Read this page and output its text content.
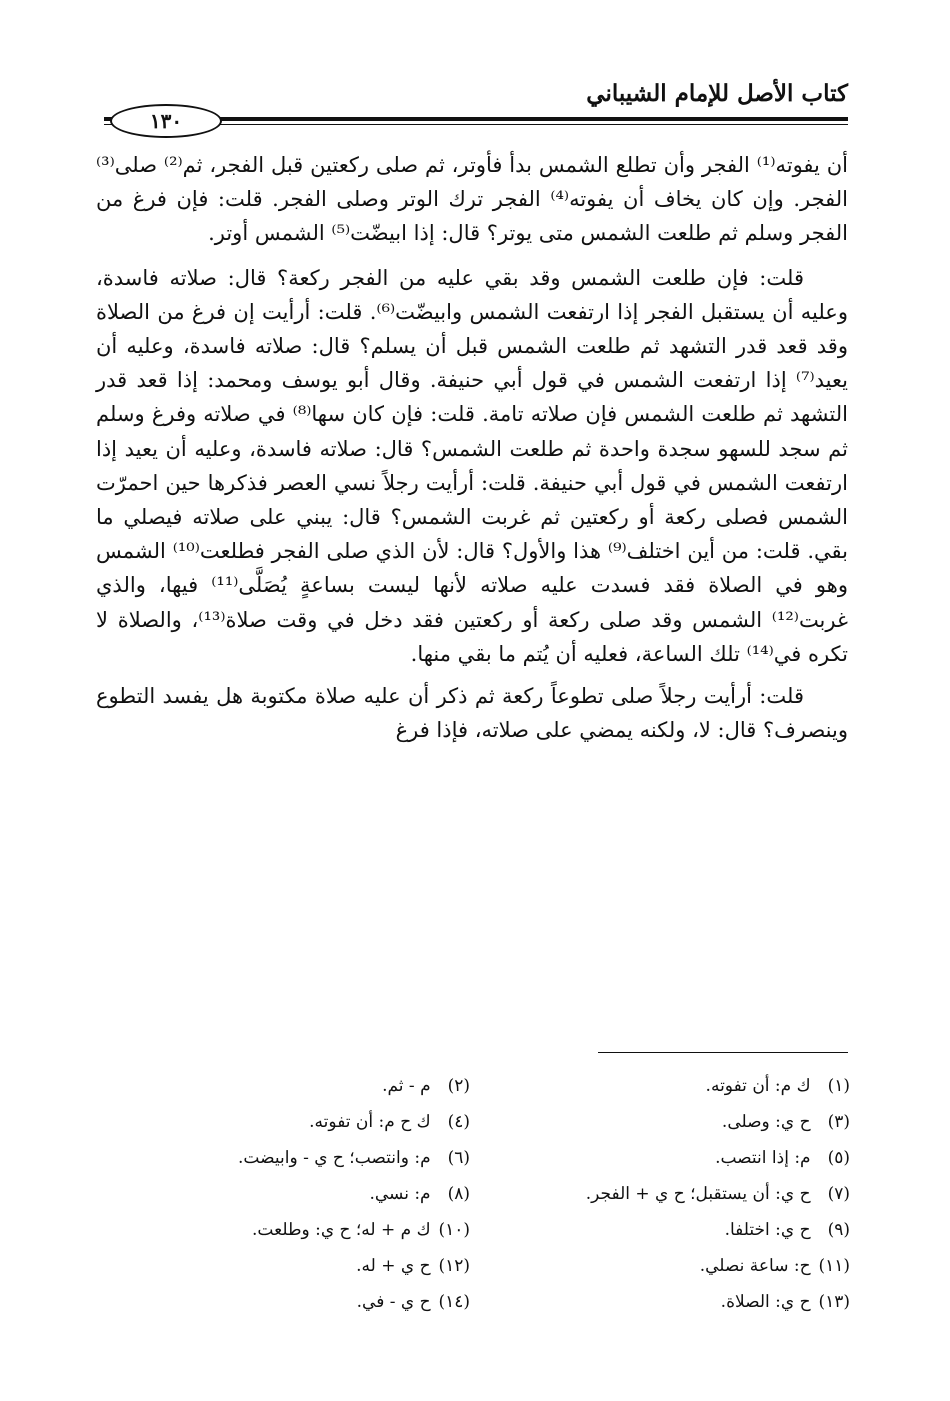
كتاب الأصل للإمام الشيباني
١٣٠

أن يفوته⁽¹⁾ الفجر وأن تطلع الشمس بدأ فأوتر، ثم صلى ركعتين قبل الفجر، ثم⁽²⁾ صلى⁽³⁾ الفجر. وإن كان يخاف أن يفوته⁽⁴⁾ الفجر ترك الوتر وصلى الفجر. قلت: فإن فرغ من الفجر وسلم ثم طلعت الشمس متى يوتر؟ قال: إذا ابيضّت⁽⁵⁾ الشمس أوتر.

قلت: فإن طلعت الشمس وقد بقي عليه من الفجر ركعة؟ قال: صلاته فاسدة، وعليه أن يستقبل الفجر إذا ارتفعت الشمس وابيضّت⁽⁶⁾. قلت: أرأيت إن فرغ من الصلاة وقد قعد قدر التشهد ثم طلعت الشمس قبل أن يسلم؟ قال: صلاته فاسدة، وعليه أن يعيد⁽⁷⁾ إذا ارتفعت الشمس في قول أبي حنيفة. وقال أبو يوسف ومحمد: إذا قعد قدر التشهد ثم طلعت الشمس فإن صلاته تامة. قلت: فإن كان سها⁽⁸⁾ في صلاته وفرغ وسلم ثم سجد للسهو سجدة واحدة ثم طلعت الشمس؟ قال: صلاته فاسدة، وعليه أن يعيد إذا ارتفعت الشمس في قول أبي حنيفة. قلت: أرأيت رجلاً نسي العصر فذكرها حين احمرّت الشمس فصلى ركعة أو ركعتين ثم غربت الشمس؟ قال: يبني على صلاته فيصلي ما بقي. قلت: من أين اختلف⁽⁹⁾ هذا والأول؟ قال: لأن الذي صلى الفجر فطلعت⁽¹⁰⁾ الشمس وهو في الصلاة فقد فسدت عليه صلاته لأنها ليست بساعةٍ يُصَلَّى⁽¹¹⁾ فيها، والذي غربت⁽¹²⁾ الشمس وقد صلى ركعة أو ركعتين فقد دخل في وقت صلاة⁽¹³⁾، والصلاة لا تكره في⁽¹⁴⁾ تلك الساعة، فعليه أن يُتم ما بقي منها.

قلت: أرأيت رجلاً صلى تطوعاً ركعة ثم ذكر أن عليه صلاة مكتوبة هل يفسد التطوع وينصرف؟ قال: لا، ولكنه يمضي على صلاته، فإذا فرغ

(١) ك م: أن تفوته.
(٣) ح ي: وصلى.
(٥) م: إذا انتصب.
(٧) ح ي: أن يستقبل؛ ح ي + الفجر.
(٩) ح ي: اختلفا.
(١١) ح: ساعة نصلي.
(١٣) ح ي: الصلاة.
(٢) م - ثم.
(٤) ك ح م: أن تفوته.
(٦) م: وانتصب؛ ح ي - وابيضت.
(٨) م: نسي.
(١٠) ك م + له؛ ح ي: وطلعت.
(١٢) ح ي + له.
(١٤) ح ي - في.
